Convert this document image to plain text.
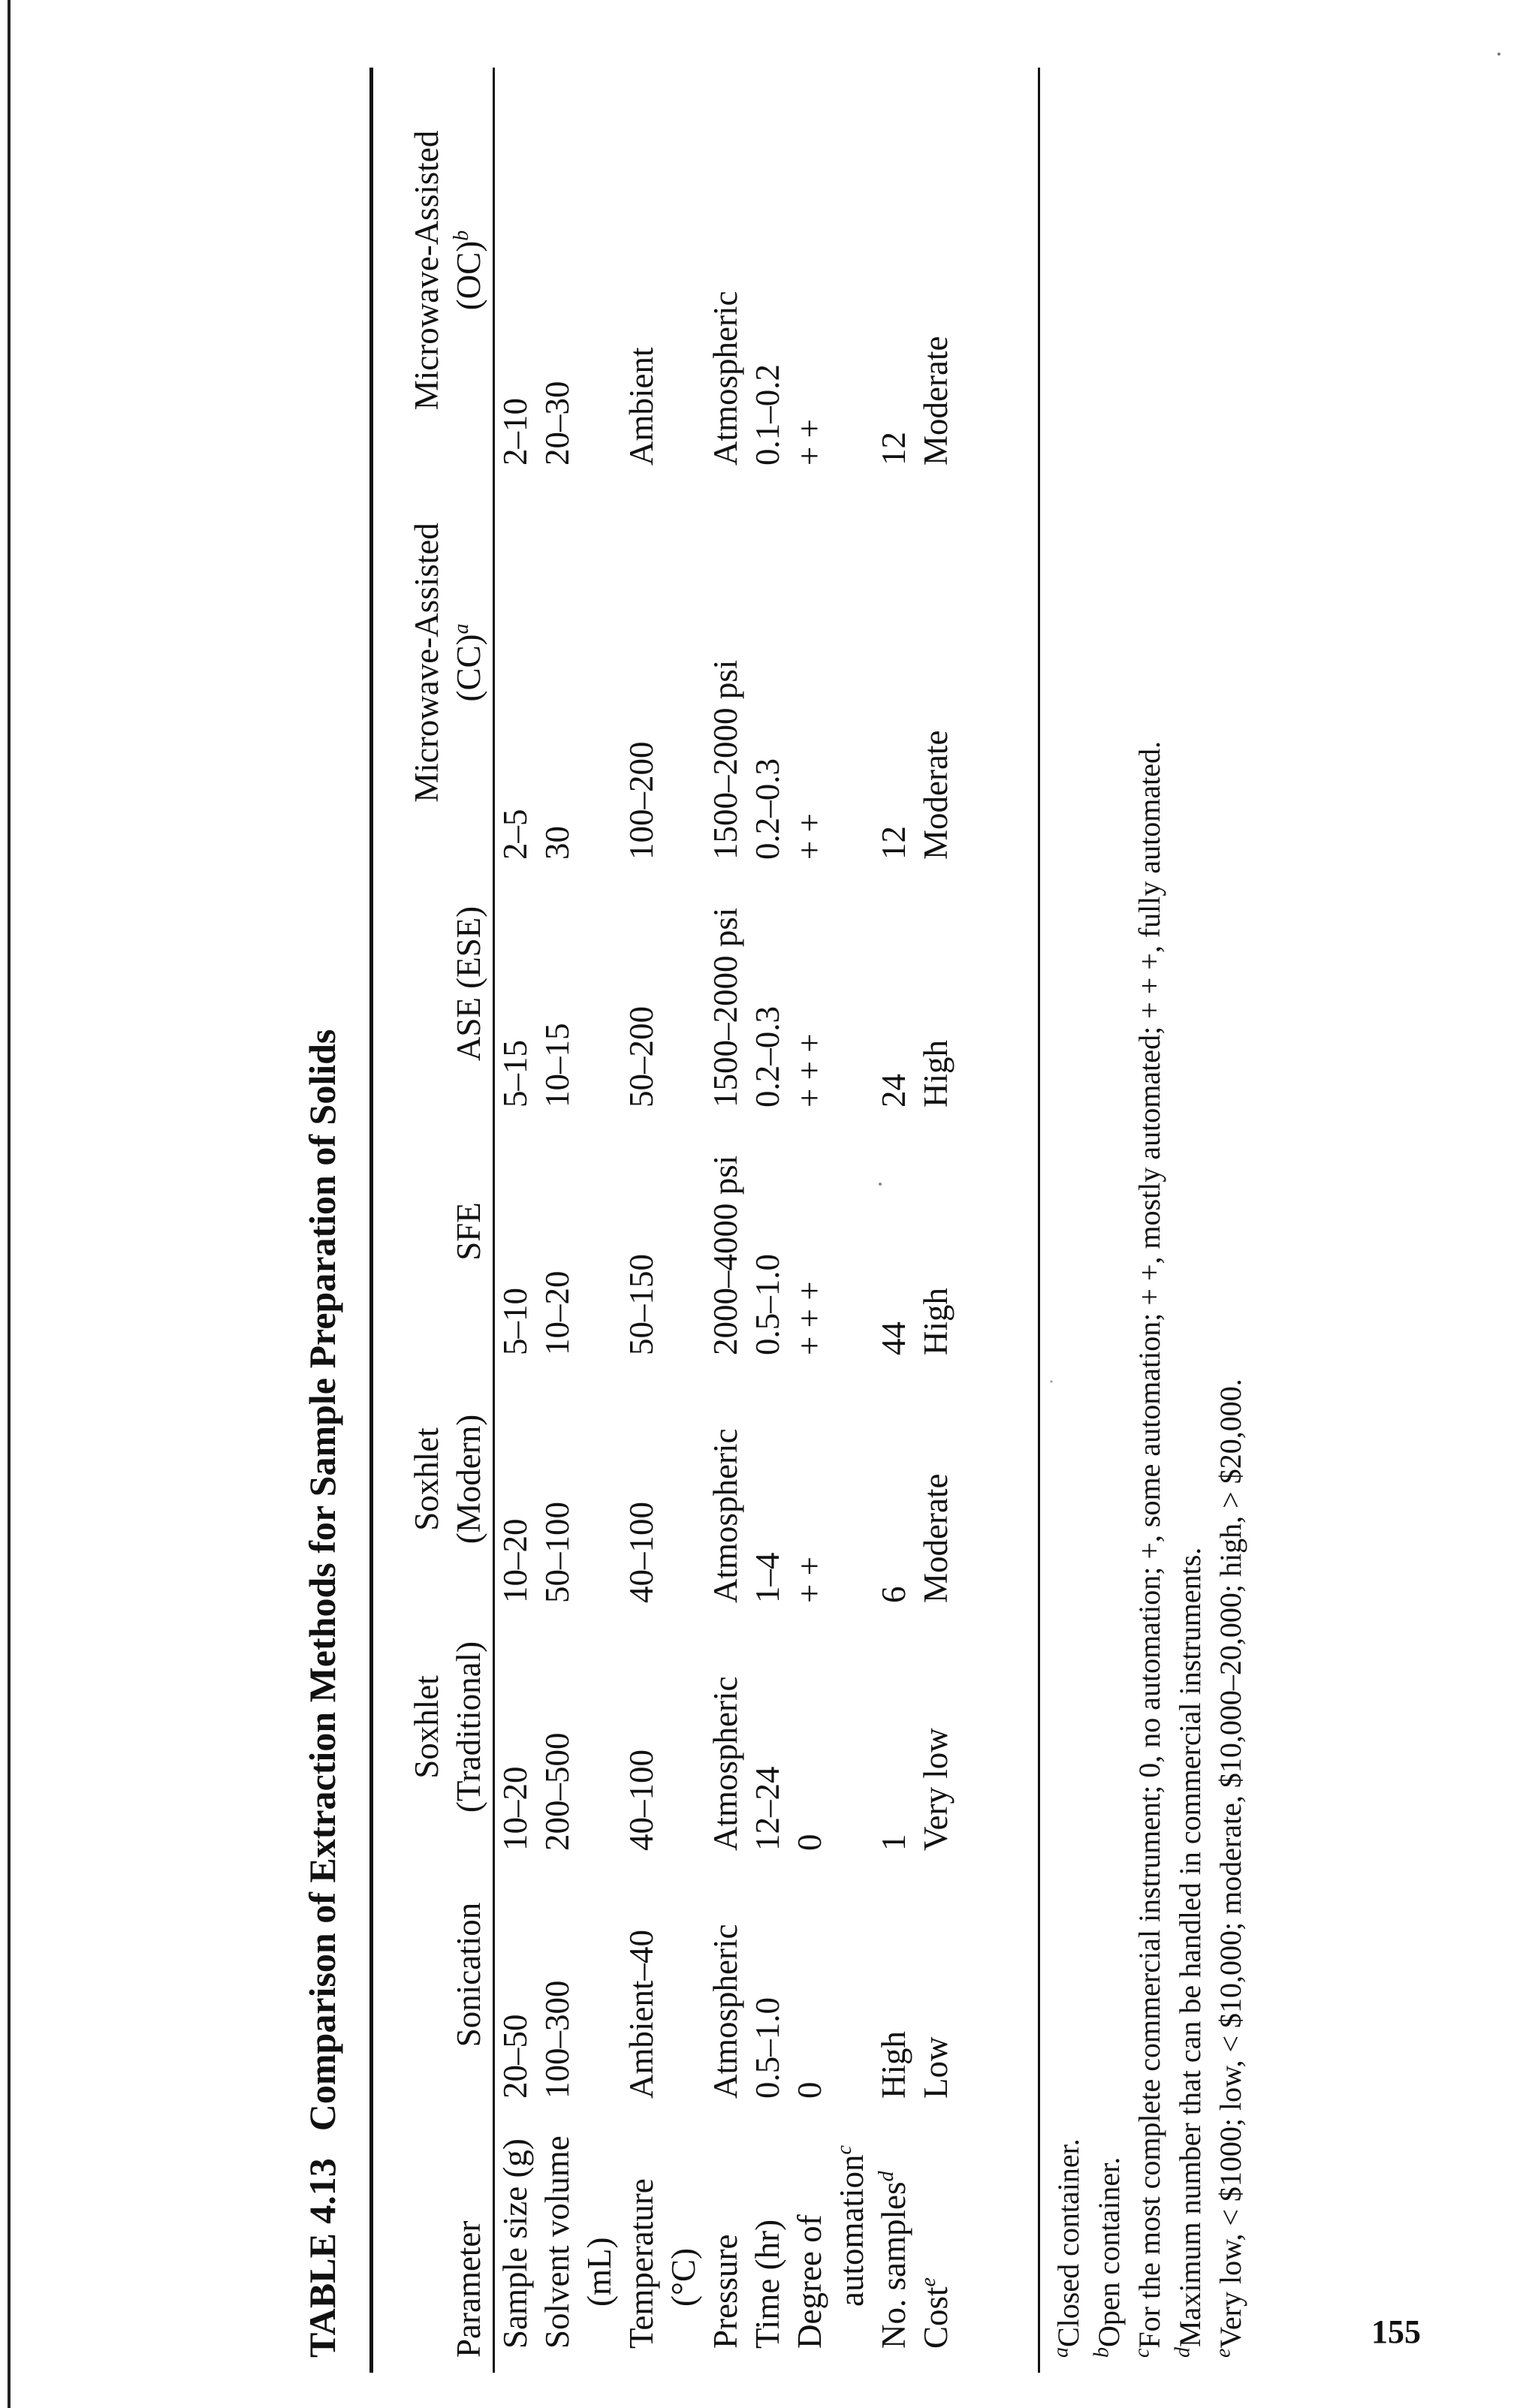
TABLE 4.13Comparison of Extraction Methods for Sample Preparation of Solids
Parameter	Sonication	Soxhlet (Traditional)	Soxhlet (Modern)	SFE	ASE (ESE)	Microwave-Assisted (CC)$^a$	Microwave-Assisted (OC)$^b$
Sample size (g)	20–50	10–20	10–20	5–10	5–15	2–5	2–10
Solvent volume (mL)	100–300	200–500	50–100	10–20	10–15	30	20–30
Temperature (°C)	Ambient–40	40–100	40–100	50–150	50–200	100–200	Ambient
Pressure	Atmospheric	Atmospheric	Atmospheric	2000–4000 psi	1500–2000 psi	1500–2000 psi	Atmospheric
Time (hr)	0.5–1.0	12–24	1–4	0.5–1.0	0.2–0.3	0.2–0.3	0.1–0.2
Degree of automation$^c$	0	0	+ +	+ + +	+ + +	+ +	+ +
No. samples$^d$	High	1	6	44	24	12	12
Cost$^e$	Low	Very low	Moderate	High	High	Moderate	Moderate
$^a$Closed container.
$^b$Open container.
$^c$For the most complete commercial instrument; 0, no automation; +, some automation; + +, mostly automated; + + +, fully automated.
$^d$Maximum number that can be handled in commercial instruments.
$^e$Very low, < $1000; low, < $10,000; moderate, $10,000–20,000; high, > $20,000.	155
